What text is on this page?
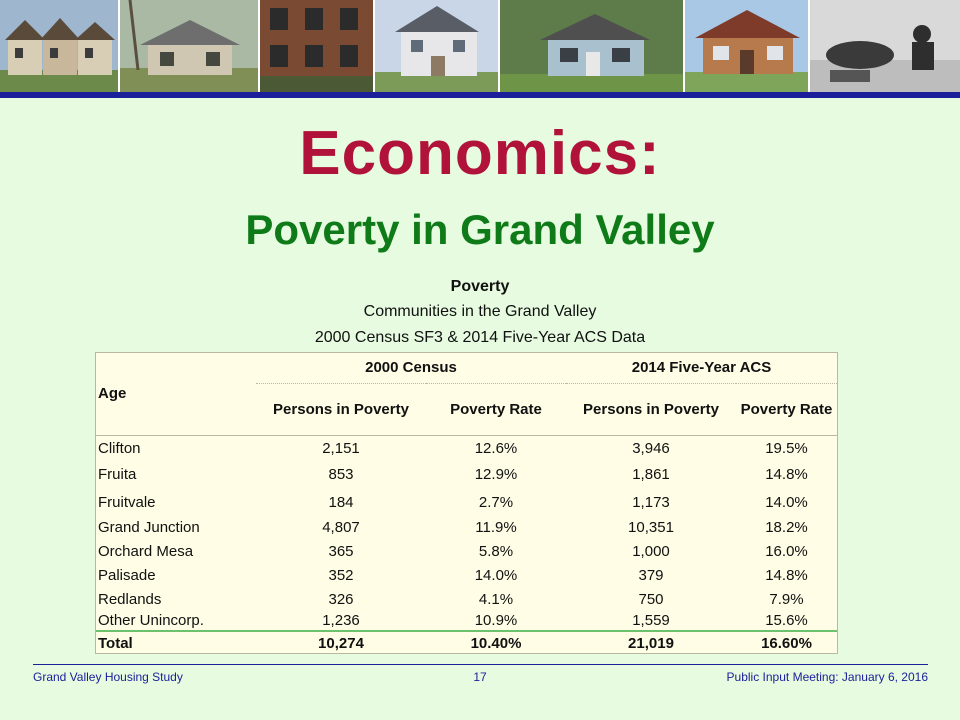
Economics:
Poverty in Grand Valley
Poverty
Communities in the Grand Valley
2000 Census SF3 & 2014 Five-Year ACS Data
Age	2000 Census		2014 Five-Year ACS	
	Persons in Poverty	Poverty Rate	Persons in Poverty	Poverty Rate
Clifton	2,151	12.6%	3,946	19.5%
Fruita	853	12.9%	1,861	14.8%
Fruitvale	184	2.7%	1,173	14.0%
Grand Junction	4,807	11.9%	10,351	18.2%
Orchard Mesa	365	5.8%	1,000	16.0%
Palisade	352	14.0%	379	14.8%
Redlands	326	4.1%	750	7.9%
Other Unincorp.	1,236	10.9%	1,559	15.6%
Total	10,274	10.40%	21,019	16.60%
Grand Valley Housing Study	17	Public Input Meeting: January 6, 2016
